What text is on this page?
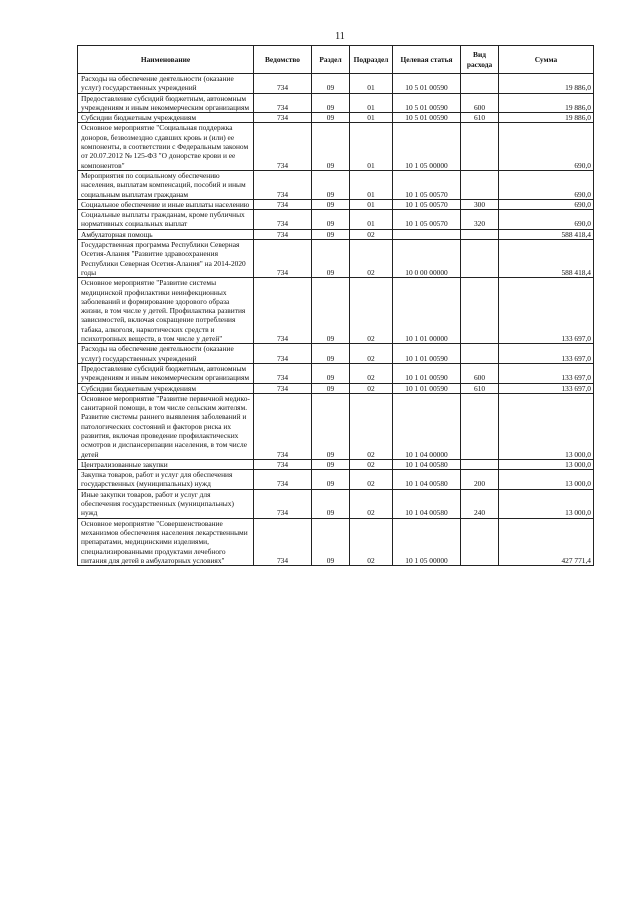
11
Наименование	Ведомство	Раздел	Подраздел	Целевая статья	Вид расхода	Сумма
Расходы на обеспечение деятельности (оказание услуг) государственных учреждений	734	09	01	10 5 01 00590		19 886,0
Предоставление субсидий бюджетным, автономным учреждениям и иным некоммерческим организациям	734	09	01	10 5 01 00590	600	19 886,0
Субсидии бюджетным учреждениям	734	09	01	10 5 01 00590	610	19 886,0
Основное мероприятие "Социальная поддержка доноров, безвозмездно сдавших кровь и (или) ее компоненты, в соответствии с Федеральным законом от 20.07.2012 № 125-ФЗ "О донорстве крови и ее компонентов"	734	09	01	10 1 05 00000		690,0
Мероприятия по социальному обеспечению населения, выплатам компенсаций, пособий и иным социальным выплатам гражданам	734	09	01	10 1 05 00570		690,0
Социальное обеспечение и иные выплаты населению	734	09	01	10 1 05 00570	300	690,0
Социальные выплаты гражданам, кроме публичных нормативных социальных выплат	734	09	01	10 1 05 00570	320	690,0
Амбулаторная помощь	734	09	02			588 418,4
Государственная программа Республики Северная Осетия-Алания "Развитие здравоохранения Республики Северная Осетия-Алания" на 2014-2020 годы	734	09	02	10 0 00 00000		588 418,4
Основное мероприятие "Развитие системы медицинской профилактики неинфекционных заболеваний и формирование здорового образа жизни, в том числе у детей. Профилактика развития зависимостей, включая сокращение потребления табака, алкоголя, наркотических средств и психотропных веществ, в том числе у детей"	734	09	02	10 1 01 00000		133 697,0
Расходы на обеспечение деятельности (оказание услуг) государственных учреждений	734	09	02	10 1 01 00590		133 697,0
Предоставление субсидий бюджетным, автономным учреждениям и иным некоммерческим организациям	734	09	02	10 1 01 00590	600	133 697,0
Субсидии бюджетным учреждениям	734	09	02	10 1 01 00590	610	133 697,0
Основное мероприятие "Развитие первичной медико-санитарной помощи, в том числе сельским жителям. Развитие системы раннего выявления заболеваний и патологических состояний и факторов риска их развития, включая проведение профилактических осмотров и диспансеризации населения, в том числе детей	734	09	02	10 1 04 00000		13 000,0
Централизованные закупки	734	09	02	10 1 04 00580		13 000,0
Закупка товаров, работ и услуг для обеспечения государственных (муниципальных) нужд	734	09	02	10 1 04 00580	200	13 000,0
Иные закупки товаров, работ и услуг для обеспечения государственных (муниципальных) нужд	734	09	02	10 1 04 00580	240	13 000,0
Основное мероприятие "Совершенствование механизмов обеспечения населения лекарственными препаратами, медицинскими изделиями, специализированными продуктами лечебного питания для детей в амбулаторных условиях"	734	09	02	10 1 05 00000		427 771,4
